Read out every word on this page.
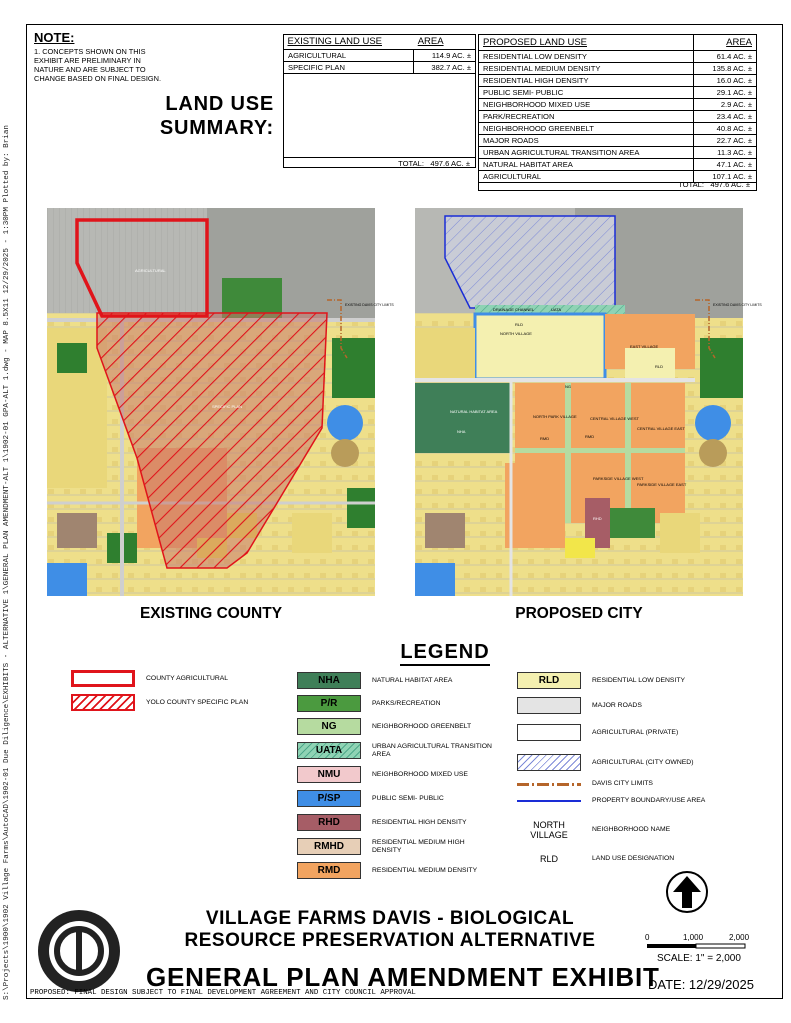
S:\Projects\1900\1902 Village Farms\AutoCAD\1902-01 Due Diligence\EXHIBITS - ALTERNATIVE 1\GENERAL PLAN AMENDMENT-ALT 1\1902-01 GPA-ALT 1.dwg - MAP 8.5X11 12/29/2025 - 1:30PM Plotted by: Brian
NOTE:
1. CONCEPTS SHOWN ON THIS EXHIBIT ARE PRELIMINARY IN NATURE AND ARE SUBJECT TO CHANGE BASED ON FINAL DESIGN.
LAND USE
SUMMARY:
EXISTING LAND USE	AREA
AGRICULTURAL	114.9 AC. ±
SPECIFIC PLAN	382.7 AC. ±
TOTAL: 497.6 AC. ±
PROPOSED LAND USE	AREA
RESIDENTIAL LOW DENSITY	61.4 AC. ±
RESIDENTIAL MEDIUM DENSITY	135.8 AC. ±
RESIDENTIAL HIGH DENSITY	16.0 AC. ±
PUBLIC SEMI- PUBLIC	29.1 AC. ±
NEIGHBORHOOD MIXED USE	2.9 AC. ±
PARK/RECREATION	23.4 AC. ±
NEIGHBORHOOD GREENBELT	40.8 AC. ±
MAJOR ROADS	22.7 AC. ±
URBAN AGRICULTURAL TRANSITION AREA	11.3 AC. ±
NATURAL HABITAT AREA	47.1 AC. ±
AGRICULTURAL	107.1 AC. ±
TOTAL: 497.6 AC. ±
AGRICULTURAL
SPECIFIC PLAN
EXISTING DAVIS CITY LIMITS
EXISTING COUNTY
NORTH VILLAGE
EAST VILLAGE
NORTH PARK VILLAGE	CENTRAL VILLAGE WEST
CENTRAL VILLAGE EAST
PARKSIDE VILLAGE WEST
PARKSIDE VILLAGE EAST
NATURAL HABITAT AREA
DRAINAGE CHANNEL	UATA
RLD
RLD
RMD
RMD
RHD
NG
NHA
EXISTING DAVIS CITY LIMITS
PROPOSED CITY
LEGEND
COUNTY AGRICULTURAL
YOLO COUNTY SPECIFIC PLAN
NHA	NATURAL HABITAT AREA
P/R	PARKS/RECREATION
NG	NEIGHBORHOOD GREENBELT
UATA	URBAN AGRICULTURAL TRANSITION AREA
NMU	NEIGHBORHOOD MIXED USE
P/SP	PUBLIC SEMI- PUBLIC
RHD	RESIDENTIAL HIGH DENSITY
RMHD	RESIDENTIAL MEDIUM HIGH DENSITY
RMD	RESIDENTIAL MEDIUM DENSITY
RLD	RESIDENTIAL LOW DENSITY
MAJOR ROADS
AGRICULTURAL (PRIVATE)
AGRICULTURAL (CITY OWNED)
DAVIS CITY LIMITS
PROPERTY BOUNDARY/USE AREA
NORTH VILLAGE
NEIGHBORHOOD NAME
RLD	LAND USE DESIGNATION
0	1,000	2,000
SCALE: 1" = 2,000
VILLAGE FARMS DAVIS - BIOLOGICAL
RESOURCE PRESERVATION ALTERNATIVE
GENERAL PLAN AMENDMENT EXHIBIT
DATE: 12/29/2025
PROPOSED: FINAL DESIGN SUBJECT TO FINAL DEVELOPMENT AGREEMENT AND CITY COUNCIL APPROVAL
